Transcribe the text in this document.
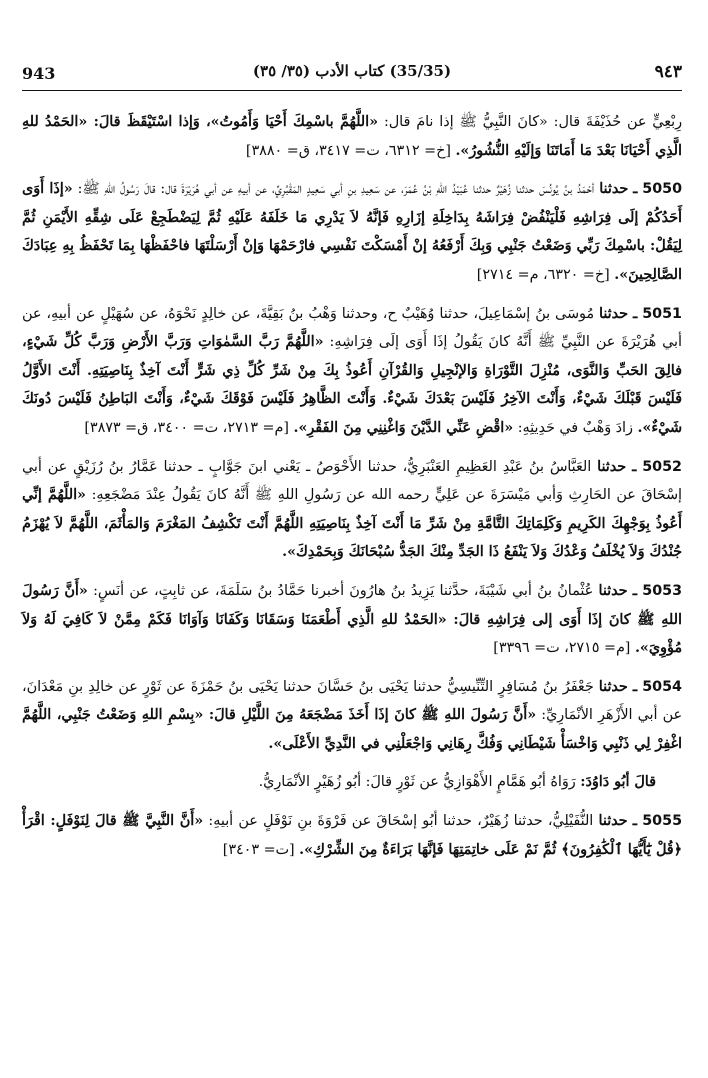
٩٤٣
(35/35) كتاب الأدب (٣٥/ ٣٥)
943

رِبْعِيٍّ عن حُذَيْفَةَ قال: «كانَ النَّبِيُّ ﷺ إذا نامَ قال: «اللَّهُمَّ باسْمِكَ أَحْيَا وَأَمُوتُ»، وَإذا اسْتَيْقَظَ قالَ: «الحَمْدُ للهِ الَّذِي أَحْيَانَا بَعْدَ مَا أَمَاتَنَا وَإلَيْهِ النُّشُورُ». [خ= ٦٣١٢، ت= ٣٤١٧، ق= ٣٨٨٠]

5050 ـ حدثنا أحْمَدُ بنُ يُونُسَ حدثنا زُهَيْرٌ حدثنا عُبَيْدُ اللهِ بْنُ عُمَرَ، عن سَعِيدِ بنِ أبي سَعِيدٍ المَقْبُرِيِّ، عن أبيهِ عن أبي هُرَيْرَةَ قال: قالَ رَسُولُ اللهِ ﷺ: «إذَا أَوَى أَحَدُكُمْ إلَى فِرَاشِهِ فَلْيَنْفُضْ فِرَاشَهُ بِدَاخِلَةِ إزَارِهِ فَإنَّهُ لاَ يَدْرِي مَا خَلَفَهُ عَلَيْهِ ثُمَّ لِيَضْطَجِعْ عَلَى شِقِّهِ الأَيْمَنِ ثُمَّ لِيَقُلْ: باسْمِكَ رَبِّي وَضَعْتُ جَنْبِي وَبِكَ أَرْفَعُهُ إنْ أَمْسَكْتَ نَفْسِي فارْحَمْهَا وَإنْ أَرْسَلْتَهَا فاحْفَظْهَا بِمَا تَحْفَظُ بِهِ عِبَادَكَ الصَّالِحِينَ». [خ= ٦٣٢٠، م= ٢٧١٤]

5051 ـ حدثنا مُوسَى بنُ إسْمَاعِيلَ، حدثنا وُهَيْبٌ ح، وحدثنا وَهْبُ بنُ بَقِيَّةَ، عن خالِدٍ نَحْوَهُ، عن سُهَيْلٍ عن أبيهِ، عن أبي هُرَيْرَةَ عن النَّبِيِّ ﷺ أَنَّهُ كانَ يَقُولُ إذَا أَوَى إلَى فِرَاشِهِ: «اللَّهُمَّ رَبَّ السَّمٰوَاتِ وَرَبَّ الأَرْضِ وَرَبَّ كُلِّ شَيْءٍ، فالِقَ الحَبِّ وَالنَّوَى، مُنْزِلَ التَّوْرَاةِ وَالإنْجِيلِ وَالقُرْآنِ أَعُوذُ بِكَ مِنْ شَرِّ كُلِّ ذِي شَرٍّ أَنْتَ آخِذٌ بِنَاصِيَتِهِ. أَنْتَ الأَوَّلُ فَلَيْسَ قَبْلَكَ شَيْءٌ، وَأَنْتَ الآخِرُ فَلَيْسَ بَعْدَكَ شَيْءٌ. وَأَنْتَ الظَّاهِرُ فَلَيْسَ فَوْقَكَ شَيْءٌ، وَأَنْتَ البَاطِنُ فَلَيْسَ دُونَكَ شَيْءٌ». زادَ وَهْبٌ في حَدِيثِهِ: «اقْضِ عَنِّي الدَّيْنَ وَاغْنِنِي مِنَ الفَقْرِ». [م= ٢٧١٣، ت= ٣٤٠٠، ق= ٣٨٧٣]

5052 ـ حدثنا العَبَّاسُ بنُ عَبْدِ العَظِيمِ العَنْبَرِيُّ، حدثنا الأَحْوَصُ ـ يَعْني ابنَ جَوَّابٍ ـ حدثنا عَمَّارُ بنُ رُزَيْقٍ عن أبي إسْحَاقَ عن الحَارِثِ وَأبي مَيْسَرَةَ عن عَلِيٍّ رحمه الله عن رَسُولِ اللهِ ﷺ أَنَّهُ كانَ يَقُولُ عِنْدَ مَضْجَعِهِ: «اللَّهُمَّ إنِّي أَعُوذُ بِوَجْهِكَ الكَرِيمِ وَكَلِمَاتِكَ التَّامَّةِ مِنْ شَرِّ مَا أَنْتَ آخِذٌ بِنَاصِيَتِهِ اللَّهُمَّ أَنْتَ تَكْشِفُ المَغْرَمَ وَالمَأْثَمَ، اللَّهُمَّ لاَ يُهْزَمُ جُنْدُكَ وَلاَ يُخْلَفُ وَعْدُكَ وَلاَ يَنْفَعُ ذَا الجَدِّ مِنْكَ الجَدُّ سُبْحَانَكَ وَبِحَمْدِكَ».

5053 ـ حدثنا عُثْمانُ بنُ أبي شَيْبَةَ، حدَّثنا يَزِيدُ بنُ هارُونَ أخبرنا حَمَّادُ بنُ سَلَمَةَ، عن ثابِتٍ، عن أنَسٍ: «أَنَّ رَسُولَ اللهِ ﷺ كانَ إذَا أَوَى إلى فِرَاشِهِ قالَ: «الحَمْدُ للهِ الَّذِي أَطْعَمَنَا وَسَقَانَا وَكَفَانَا وَآوَانَا فَكَمْ مِمَّنْ لاَ كَافِيَ لَهُ وَلاَ مُؤْوِيَ». [م= ٢٧١٥، ت= ٣٣٩٦]

5054 ـ حدثنا جَعْفَرُ بنُ مُسَافِرٍ التِّنِّيسِيُّ حدثنا يَحْيَى بنُ حَسَّانَ حدثنا يَحْيَى بنُ حَمْزَةَ عن ثَوْرٍ عن خالِدِ بنِ مَعْدَانَ، عن أبي الأَزْهَرِ الأنْمَارِيِّ: «أَنَّ رَسُولَ اللهِ ﷺ كانَ إذَا أَخَذَ مَضْجَعَهُ مِنَ اللَّيْلِ قالَ: «بِسْمِ اللهِ وَضَعْتُ جَنْبِي، اللَّهُمَّ اغْفِرْ لِي ذَنْبِي وَاخْسَأْ شَيْطَانِي وَفُكَّ رِهَانِي وَاجْعَلْنِي في النَّدِيِّ الأَعْلَى».

قالَ أبُو دَاوُدَ: رَوَاهُ أبُو هَمَّامٍ الأَهْوَازِيُّ عن ثَوْرٍ قالَ: أبُو زُهَيْرٍ الأنْمَارِيُّ.

5055 ـ حدثنا النُّفَيْلِيُّ، حدثنا زُهَيْرٌ، حدثنا أبُو إسْحَاقَ عن فَرْوَةَ بنِ نَوْفَلٍ عن أبيهِ: «أَنَّ النَّبِيَّ ﷺ قالَ لِنَوْفَلٍ: اقْرَأْ ﴿قُلْ يَٰٓأَيُّهَا ٱلْكَٰفِرُونَ﴾ ثُمَّ نَمْ عَلَى خاتِمَتِهَا فَإنَّهَا بَرَاءَةٌ مِنَ الشِّرْكِ». [ت= ٣٤٠٣]
